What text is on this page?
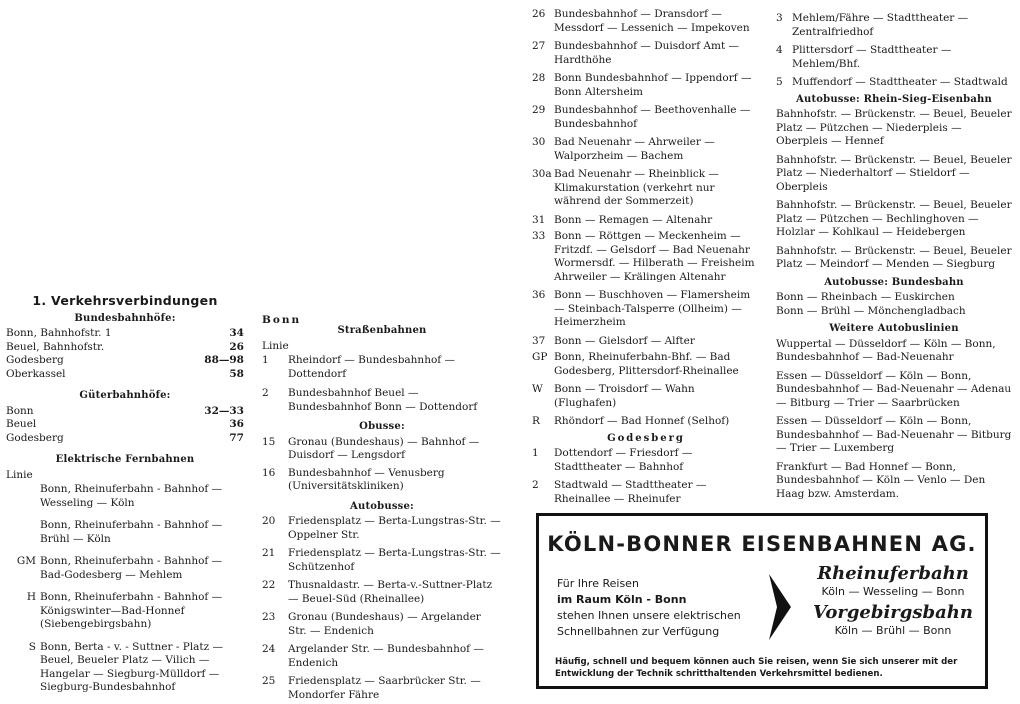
1. Verkehrsverbindungen
Bundesbahnhöfe:
Bonn, Bahnhofstr. 1	34
Beuel, Bahnhofstr.	26
Godesberg	88—98
Oberkassel	58
Güterbahnhöfe:
Bonn	32—33
Beuel	36
Godesberg	77
Elektrische Fernbahnen
Linie
Bonn, Rheinuferbahn - Bahnhof — Wesseling — Köln
Bonn, Rheinuferbahn - Bahnhof — Brühl — Köln
GM Bonn, Rheinuferbahn - Bahnhof — Bad-Godesberg — Mehlem
H Bonn, Rheinuferbahn - Bahnhof — Königswinter—Bad-Honnef (Siebengebirgsbahn)
S Bonn, Berta - v. - Suttner - Platz — Beuel, Beueler Platz — Vilich — Hangelar — Siegburg-Mülldorf — Siegburg-Bundesbahnhof
Bonn
Straßenbahnen
Linie
1	Rheindorf — Bundesbahnhof — Dottendorf
2	Bundesbahnhof Beuel — Bundesbahnhof Bonn — Dottendorf
Obusse:
15	Gronau (Bundeshaus) — Bahnhof — Duisdorf — Lengsdorf
16	Bundesbahnhof — Venusberg (Universitätskliniken)
Autobusse:
20	Friedensplatz — Berta-Lungstras-Str. — Oppelner Str.
21	Friedensplatz — Berta-Lungstras-Str. — Schützenhof
22	Thusnaldastr. — Berta-v.-Suttner-Platz — Beuel-Süd (Rheinallee)
23	Gronau (Bundeshaus) — Argelander Str. — Endenich
24	Argelander Str. — Bundesbahnhof — Endenich
25	Friedensplatz — Saarbrücker Str. — Mondorfer Fähre
26 Bundesbahnhof — Dransdorf — Messdorf — Lessenich — Impekoven
27 Bundesbahnhof — Duisdorf Amt — Hardthöhe
28 Bonn Bundesbahnhof — Ippendorf — Bonn Altersheim
29 Bundesbahnhof — Beethovenhalle — Bundesbahnhof
30 Bad Neuenahr — Ahrweiler — Walporzheim — Bachem
30a Bad Neuenahr — Rheinblick — Klimakurstation (verkehrt nur während der Sommerzeit)
31 Bonn — Remagen — Altenahr
33 Bonn — Röttgen — Meckenheim — Fritzdf. — Gelsdorf — Bad Neuenahr Wormersdf. — Hilberath — Freisheim Ahrweiler — Krälingen Altenahr
36 Bonn — Buschhoven — Flamersheim — Steinbach-Talsperre (Ollheim) — Heimerzheim
37 Bonn — Gielsdorf — Alfter
GP Bonn, Rheinuferbahn-Bhf. — Bad Godesberg, Plittersdorf-Rheinallee
W	Bonn — Troisdorf — Wahn (Flughafen)
R	Rhöndorf — Bad Honnef (Selhof)
Godesberg
1	Dottendorf — Friesdorf — Stadttheater — Bahnhof
2	Stadtwald — Stadttheater — Rheinallee — Rheinufer
3 Mehlem/Fähre — Stadttheater — Zentralfriedhof
4 Plittersdorf — Stadttheater — Mehlem/Bhf.
5 Muffendorf — Stadttheater — Stadtwald
Autobusse: Rhein-Sieg-Eisenbahn
Bahnhofstr. — Brückenstr. — Beuel, Beueler Platz — Pützchen — Niederpleis — Oberpleis — Hennef
Bahnhofstr. — Brückenstr. — Beuel, Beueler Platz — Niederhaltorf — Stieldorf — Oberpleis
Bahnhofstr. — Brückenstr. — Beuel, Beueler Platz — Pützchen — Bechlinghoven — Holzlar — Kohlkaul — Heidebergen
Bahnhofstr. — Brückenstr. — Beuel, Beueler Platz — Meindorf — Menden — Siegburg
Autobusse: Bundesbahn
Bonn — Rheinbach — Euskirchen
Bonn — Brühl — Mönchengladbach
Weitere Autobuslinien
Wuppertal — Düsseldorf — Köln — Bonn, Bundesbahnhof — Bad-Neuenahr
Essen — Düsseldorf — Köln — Bonn, Bundesbahnhof — Bad-Neuenahr — Adenau — Bitburg — Trier — Saarbrücken
Essen — Düsseldorf — Köln — Bonn, Bundesbahnhof — Bad-Neuenahr — Bitburg — Trier — Luxemberg
Frankfurt — Bad Honnef — Bonn, Bundesbahnhof — Köln — Venlo — Den Haag bzw. Amsterdam.
KÖLN-BONNER EISENBAHNEN AG.
Für Ihre Reisen
im Raum Köln - Bonn
stehen Ihnen unsere elektrischen
Schnellbahnen zur Verfügung
Rheinuferbahn
Köln — Wesseling — Bonn
Vorgebirgsbahn
Köln — Brühl — Bonn
Häufig, schnell und bequem können auch Sie reisen, wenn Sie sich unserer mit der Entwicklung der Technik schritthaltenden Verkehrsmittel bedienen.
